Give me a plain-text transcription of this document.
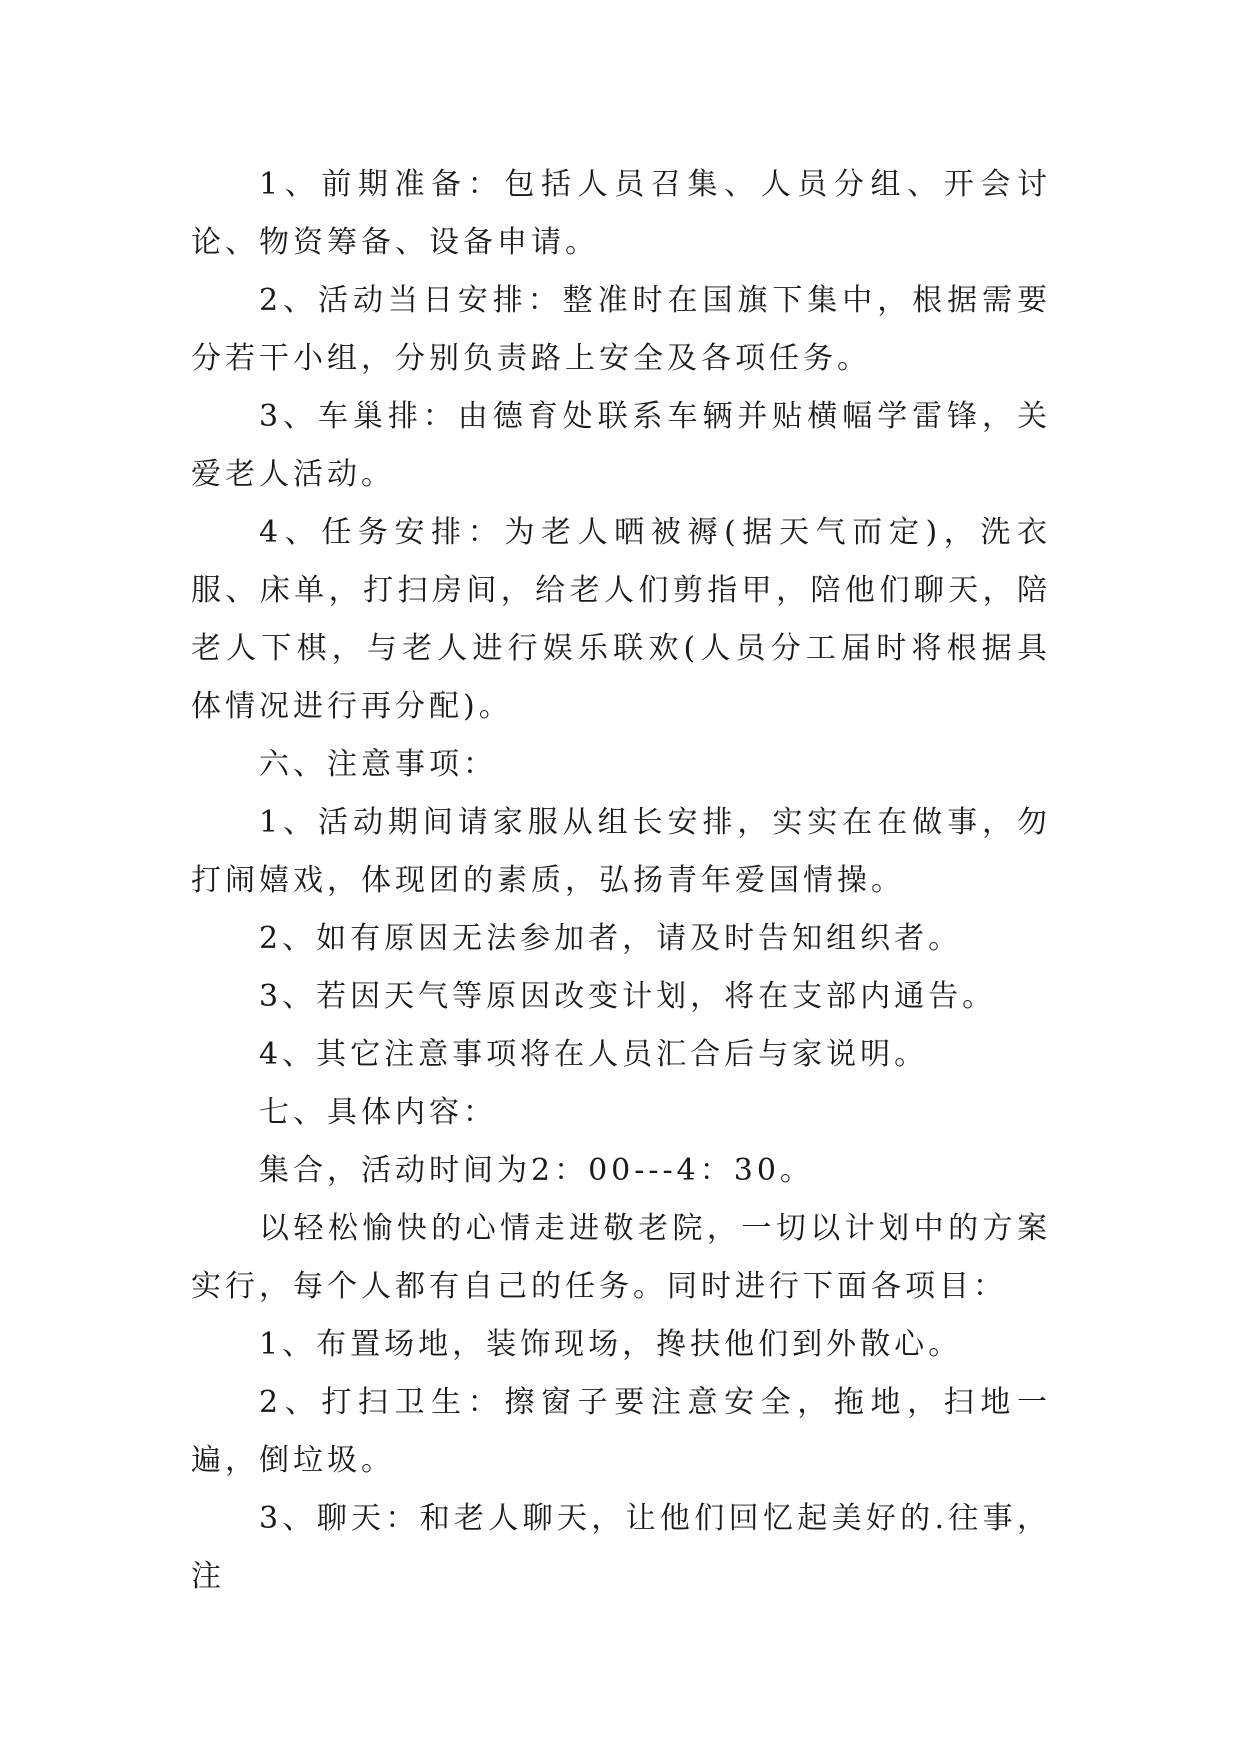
1、前期准备：包括人员召集、人员分组、开会讨论、物资筹备、设备申请。

2、活动当日安排：整准时在国旗下集中，根据需要分若干小组，分别负责路上安全及各项任务。

3、车巢排：由德育处联系车辆并贴横幅学雷锋，关爱老人活动。

4、任务安排：为老人晒被褥(据天气而定)，洗衣服、床单，打扫房间，给老人们剪指甲，陪他们聊天，陪老人下棋，与老人进行娱乐联欢(人员分工届时将根据具体情况进行再分配)。

六、注意事项：

1、活动期间请家服从组长安排，实实在在做事，勿打闹嬉戏，体现团的素质，弘扬青年爱国情操。

2、如有原因无法参加者，请及时告知组织者。

3、若因天气等原因改变计划，将在支部内通告。

4、其它注意事项将在人员汇合后与家说明。

七、具体内容：

集合，活动时间为2：00---4：30。

以轻松愉快的心情走进敬老院，一切以计划中的方案实行，每个人都有自己的任务。同时进行下面各项目：

1、布置场地，装饰现场，搀扶他们到外散心。

2、打扫卫生：擦窗子要注意安全，拖地，扫地一遍，倒垃圾。

3、聊天：和老人聊天，让他们回忆起美好的.往事，注
